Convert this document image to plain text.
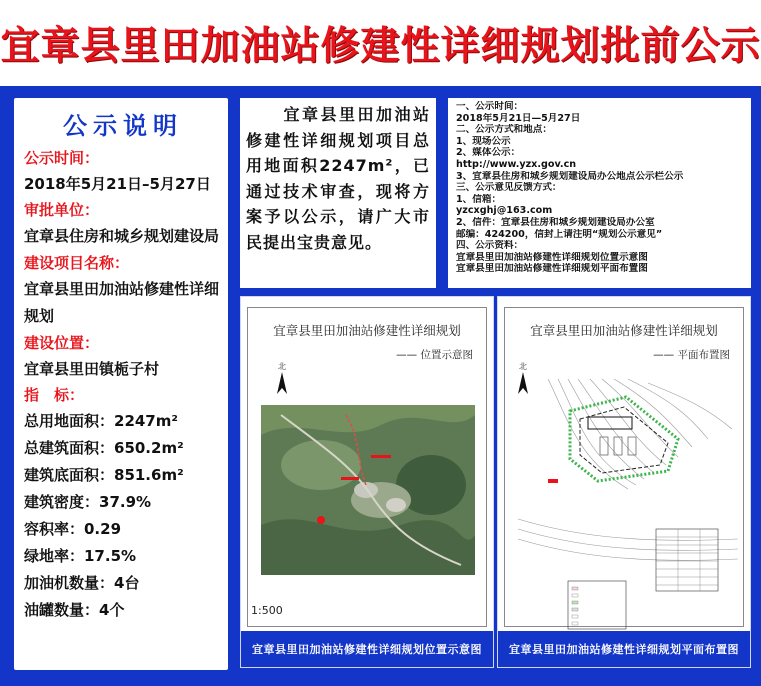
宜章县里田加油站修建性详细规划批前公示
公示说明
公示时间：
2018年5月21日–5月27日
审批单位：
宜章县住房和城乡规划建设局
建设项目名称：
宜章县里田加油站修建性详细规划
建设位置：
宜章县里田镇栀子村
指　标：
总用地面积：2247m²
总建筑面积：650.2m²
建筑底面积：851.6m²
建筑密度：37.9%
容积率：0.29
绿地率：17.5%
加油机数量：4台
油罐数量：4个
宜章县里田加油站修建性详细规划项目总用地面积2247m²，已通过技术审查，现将方案予以公示，请广大市民提出宝贵意见。
一、公示时间：
2018年5月21日—5月27日
二、公示方式和地点：
1、现场公示
2、媒体公示：
http://www.yzx.gov.cn
3、宜章县住房和城乡规划建设局办公地点公示栏公示
三、公示意见反馈方式：
1、信箱：
yzcxghj@163.com
2、信件：宜章县住房和城乡规划建设局办公室
邮编：424200，信封上请注明“规划公示意见”
四、公示资料：
宜章县里田加油站修建性详细规划位置示意图
宜章县里田加油站修建性详细规划平面布置图
宜章县里田加油站修建性详细规划
—— 位置示意图
北
1:500
宜章县里田加油站修建性详细规划位置示意图
宜章县里田加油站修建性详细规划
—— 平面布置图
北
宜章县里田加油站修建性详细规划平面布置图
